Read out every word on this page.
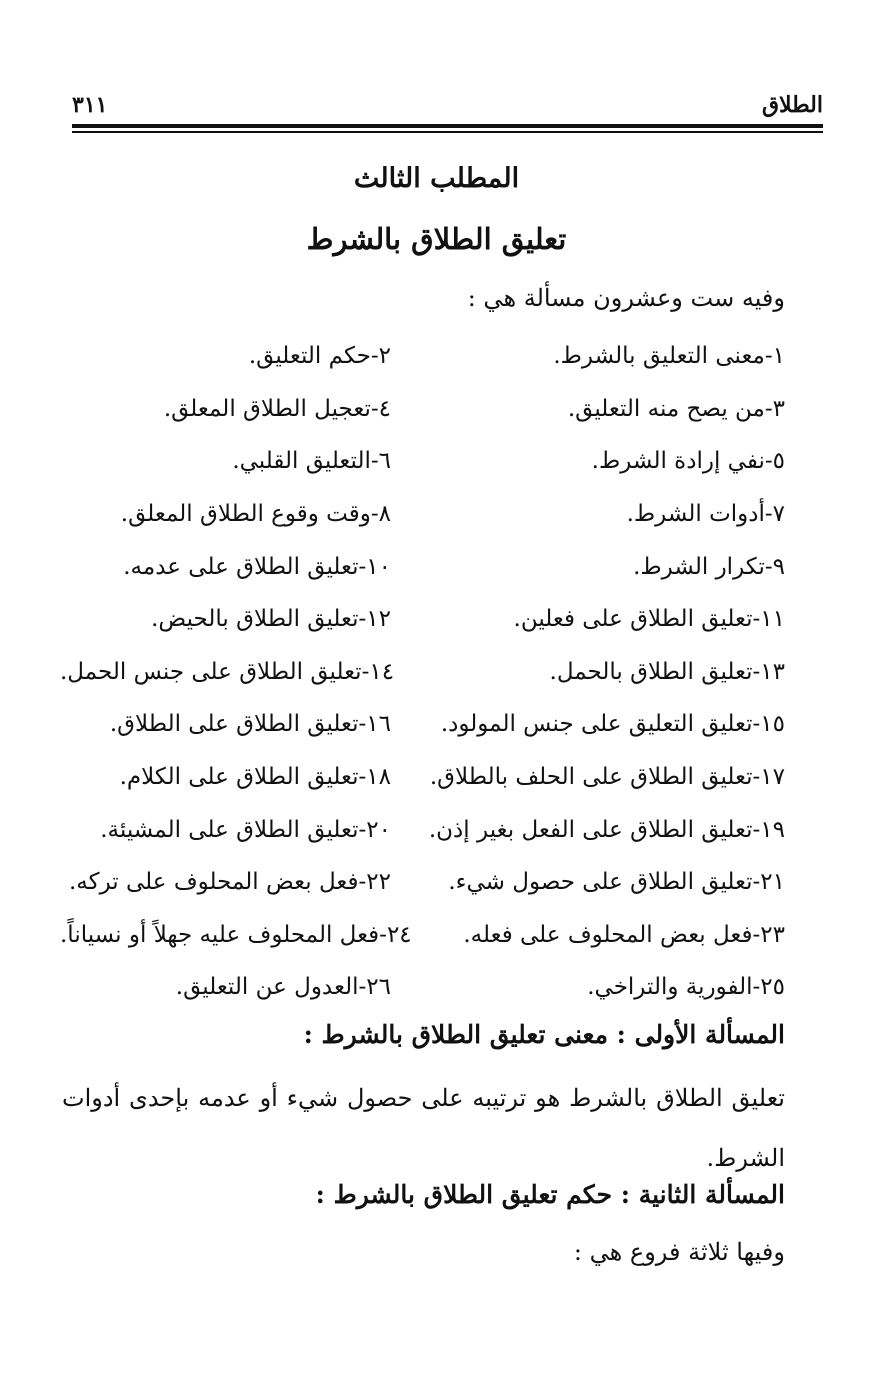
الطلاق
٣١١
المطلب الثالث
تعليق الطلاق بالشرط
وفيه ست وعشرون مسألة هي :
١-معنى التعليق بالشرط.
٢-حكم التعليق.
٣-من يصح منه التعليق.
٤-تعجيل الطلاق المعلق.
٥-نفي إرادة الشرط.
٦-التعليق القلبي.
٧-أدوات الشرط.
٨-وقت وقوع الطلاق المعلق.
٩-تكرار الشرط.
١٠-تعليق الطلاق على عدمه.
١١-تعليق الطلاق على فعلين.
١٢-تعليق الطلاق بالحيض.
١٣-تعليق الطلاق بالحمل.
١٤-تعليق الطلاق على جنس الحمل.
١٥-تعليق التعليق على جنس المولود.
١٦-تعليق الطلاق على الطلاق.
١٧-تعليق الطلاق على الحلف بالطلاق.
١٨-تعليق الطلاق على الكلام.
١٩-تعليق الطلاق على الفعل بغير إذن.
٢٠-تعليق الطلاق على المشيئة.
٢١-تعليق الطلاق على حصول شيء.
٢٢-فعل بعض المحلوف على تركه.
٢٣-فعل بعض المحلوف على فعله.
٢٤-فعل المحلوف عليه جهلاً أو نسياناً.
٢٥-الفورية والتراخي.
٢٦-العدول عن التعليق.
المسألة الأولى : معنى تعليق الطلاق بالشرط :
تعليق الطلاق بالشرط هو ترتيبه على حصول شيء أو عدمه بإحدى أدوات الشرط.
المسألة الثانية : حكم تعليق الطلاق بالشرط :
وفيها ثلاثة فروع هي :
